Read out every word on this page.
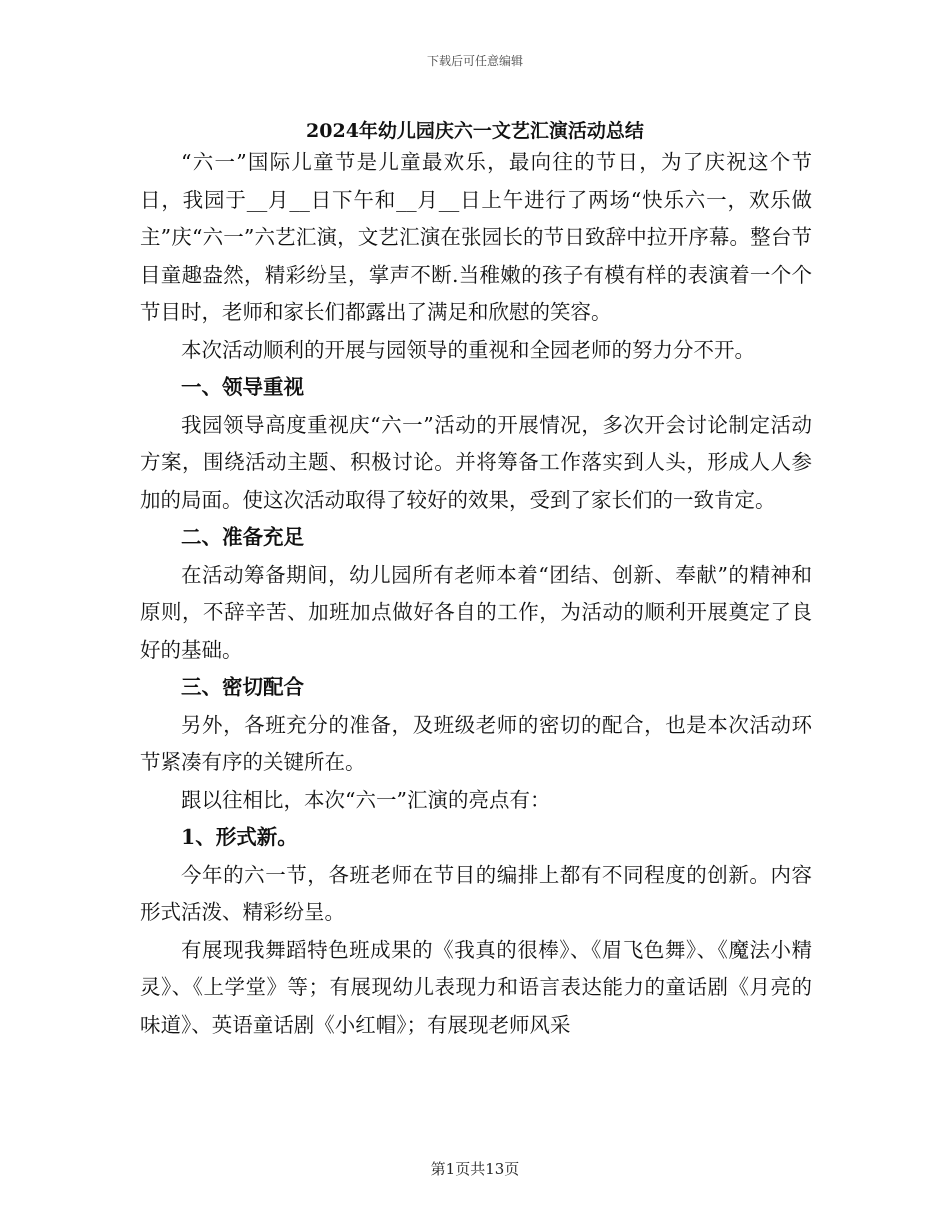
下载后可任意编辑
2024年幼儿园庆六一文艺汇演活动总结

“六一”国际儿童节是儿童最欢乐，最向往的节日，为了庆祝这个节日，我园于__月__日下午和__月__日上午进行了两场“快乐六一，欢乐做主”庆“六一”六艺汇演，文艺汇演在张园长的节日致辞中拉开序幕。整台节目童趣盎然，精彩纷呈，掌声不断.当稚嫩的孩子有模有样的表演着一个个节目时，老师和家长们都露出了满足和欣慰的笑容。

本次活动顺利的开展与园领导的重视和全园老师的努力分不开。

一、领导重视

我园领导高度重视庆“六一”活动的开展情况，多次开会讨论制定活动方案，围绕活动主题、积极讨论。并将筹备工作落实到人头，形成人人参加的局面。使这次活动取得了较好的效果，受到了家长们的一致肯定。

二、准备充足

在活动筹备期间，幼儿园所有老师本着“团结、创新、奉献”的精神和原则，不辞辛苦、加班加点做好各自的工作，为活动的顺利开展奠定了良好的基础。

三、密切配合

另外，各班充分的准备，及班级老师的密切的配合，也是本次活动环节紧凑有序的关键所在。

跟以往相比，本次“六一”汇演的亮点有：

1、形式新。

今年的六一节，各班老师在节目的编排上都有不同程度的创新。内容形式活泼、精彩纷呈。

有展现我舞蹈特色班成果的《我真的很棒》、《眉飞色舞》、《魔法小精灵》、《上学堂》等；有展现幼儿表现力和语言表达能力的童话剧《月亮的味道》、英语童话剧《小红帽》；有展现老师风采

第1页共13页
